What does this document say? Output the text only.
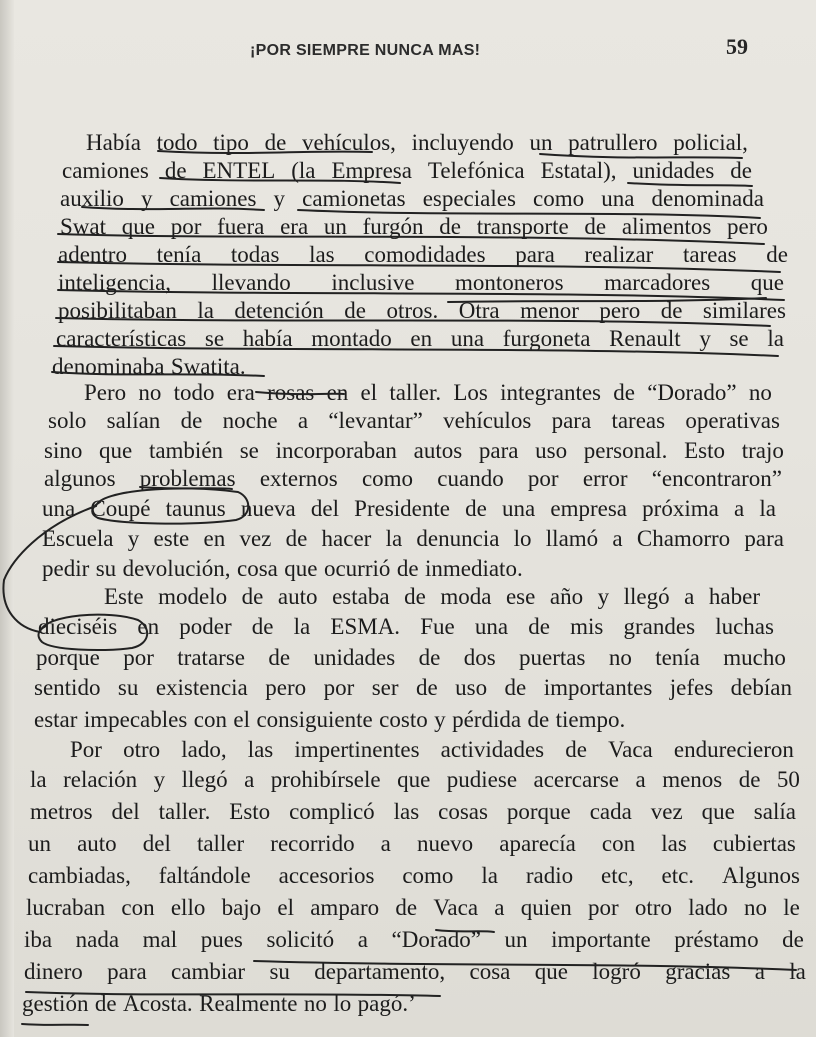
¡POR SIEMPRE NUNCA MAS!	59
Había todo tipo de vehículos, incluyendo un patrullero policial,
camiones de ENTEL (la Empresa Telefónica Estatal), unidades de
auxilio y camiones y camionetas especiales como una denominada
Swat que por fuera era un furgón de transporte de alimentos pero
adentro tenía todas las comodidades para realizar tareas de
inteligencia, llevando inclusive montoneros marcadores que
posibilitaban la detención de otros. Otra menor pero de similares
características se había montado en una furgoneta Renault y se la
denominaba Swatita.
Pero no todo era rosas en el taller. Los integrantes de “Dorado” no
solo salían de noche a “levantar” vehículos para tareas operativas
sino que también se incorporaban autos para uso personal. Esto trajo
algunos problemas externos como cuando por error “encontraron”
una Coupé taunus nueva del Presidente de una empresa próxima a la
Escuela y este en vez de hacer la denuncia lo llamó a Chamorro para
pedir su devolución, cosa que ocurrió de inmediato.
Este modelo de auto estaba de moda ese año y llegó a haber
dieciséis en poder de la ESMA. Fue una de mis grandes luchas
porque por tratarse de unidades de dos puertas no tenía mucho
sentido su existencia pero por ser de uso de importantes jefes debían
estar impecables con el consiguiente costo y pérdida de tiempo.
Por otro lado, las impertinentes actividades de Vaca endurecieron
la relación y llegó a prohibírsele que pudiese acercarse a menos de 50
metros del taller. Esto complicó las cosas porque cada vez que salía
un auto del taller recorrido a nuevo aparecía con las cubiertas
cambiadas, faltándole accesorios como la radio etc, etc. Algunos
lucraban con ello bajo el amparo de Vaca a quien por otro lado no le
iba nada mal pues solicitó a “Dorado” un importante préstamo de
dinero para cambiar su departamento, cosa que logró gracias a la
gestión de Acosta. Realmente no lo pagó.’
